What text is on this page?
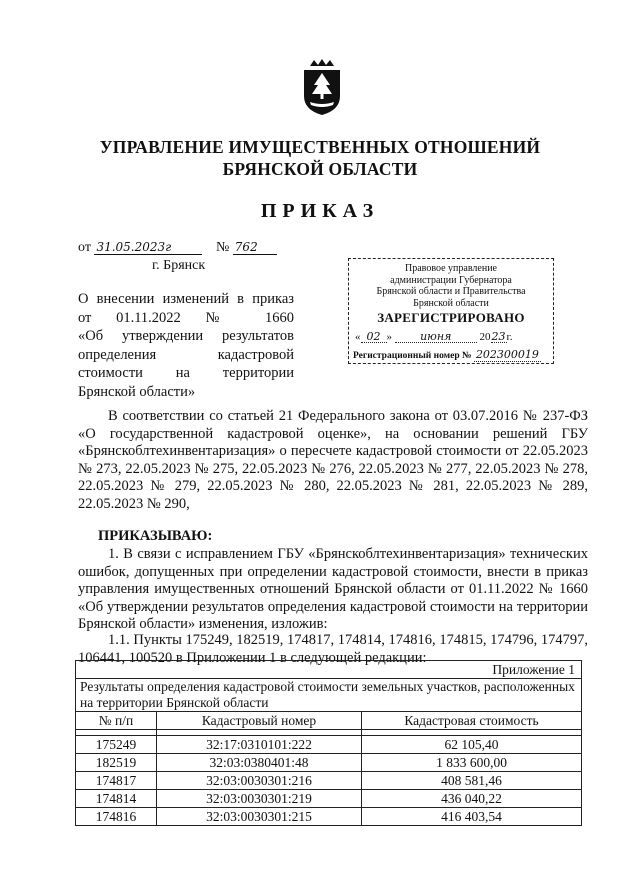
УПРАВЛЕНИЕ ИМУЩЕСТВЕННЫХ ОТНОШЕНИЙ
БРЯНСКОЙ ОБЛАСТИ
ПРИКАЗ
от 31.05.2023г	№ 762
г. Брянск
О внесении изменений в приказ
от 01.11.2022 № 1660
«Об утверждении результатов
определения кадастровой
стоимости на территории
Брянской области»
Правовое управление
администрации Губернатора
Брянской области и Правительства
Брянской области
ЗАРЕГИСТРИРОВАНО
« 02 » июня	2023г.
Регистрационный номер № 202300019
В соответствии со статьей 21 Федерального закона от 03.07.2016 № 237-ФЗ «О государственной кадастровой оценке», на основании решений ГБУ «Брянскоблтехинвентаризация» о пересчете кадастровой стоимости от 22.05.2023 № 273, 22.05.2023 № 275, 22.05.2023 № 276, 22.05.2023 № 277, 22.05.2023 № 278, 22.05.2023 № 279, 22.05.2023 № 280, 22.05.2023 № 281, 22.05.2023 № 289, 22.05.2023 № 290,
ПРИКАЗЫВАЮ:
1. В связи с исправлением ГБУ «Брянскоблтехинвентаризация» технических ошибок, допущенных при определении кадастровой стоимости, внести в приказ управления имущественных отношений Брянской области от 01.11.2022 № 1660 «Об утверждении результатов определения кадастровой стоимости на территории Брянской области» изменения, изложив:
1.1. Пункты 175249, 182519, 174817, 174814, 174816, 174815, 174796, 174797, 106441, 100520 в Приложении 1 в следующей редакции:
Приложение 1		
Результаты определения кадастровой стоимости земельных участков, расположенных на территории Брянской области		
№ п/п	Кадастровый номер	Кадастровая стоимость

175249	32:17:0310101:222	62 105,40
182519	32:03:0380401:48	1 833 600,00
174817	32:03:0030301:216	408 581,46
174814	32:03:0030301:219	436 040,22
174816	32:03:0030301:215	416 403,54
